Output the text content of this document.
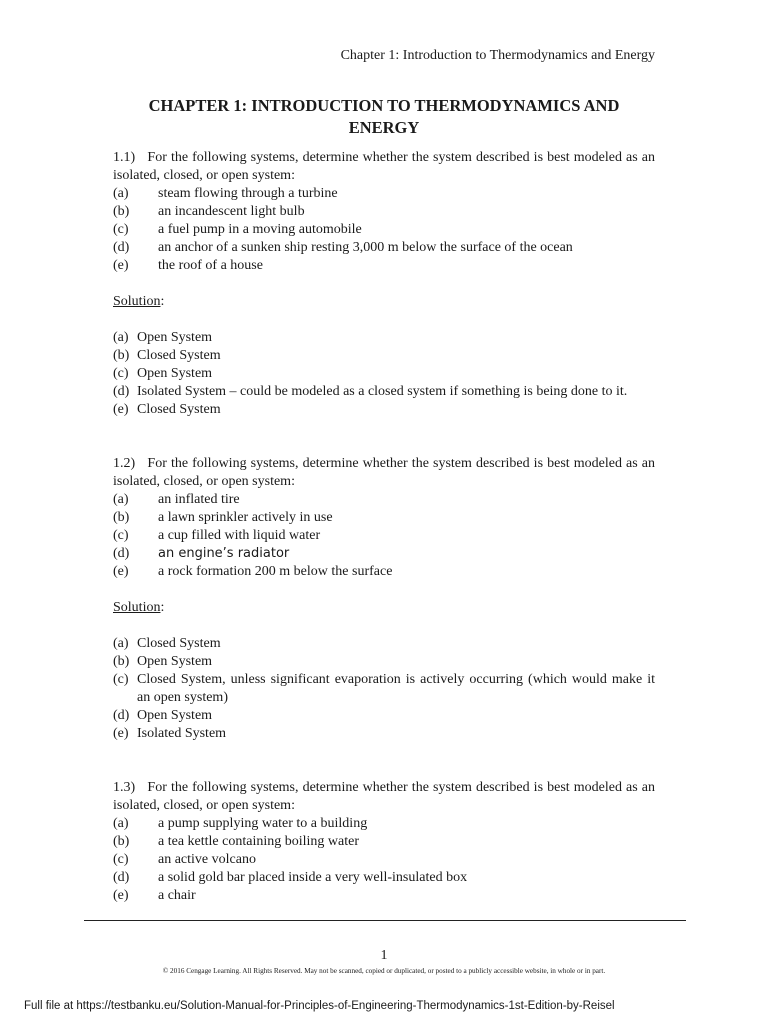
Chapter 1: Introduction to Thermodynamics and Energy
CHAPTER 1: INTRODUCTION TO THERMODYNAMICS AND ENERGY

1.1)   For the following systems, determine whether the system described is best modeled as an isolated, closed, or open system:

(a)	steam flowing through a turbine
(b)	an incandescent light bulb
(c)	a fuel pump in a moving automobile
(d)	an anchor of a sunken ship resting 3,000 m below the surface of the ocean
(e)	the roof of a house
Solution:
(a) Open System
(b) Closed System
(c) Open System
(d) Isolated System – could be modeled as a closed system if something is being done to it.
(e) Closed System

1.2)   For the following systems, determine whether the system described is best modeled as an isolated, closed, or open system:

(a)	an inflated tire
(b)	a lawn sprinkler actively in use
(c)	a cup filled with liquid water
(d)	an engine’s radiator
(e)	a rock formation 200 m below the surface
Solution:
(a) Closed System
(b) Open System
(c) Closed System, unless significant evaporation is actively occurring (which would make it an open system)
(d) Open System
(e) Isolated System

1.3)   For the following systems, determine whether the system described is best modeled as an isolated, closed, or open system:

(a)	a pump supplying water to a building
(b)	a tea kettle containing boiling water
(c)	an active volcano
(d)	a solid gold bar placed inside a very well-insulated box
(e)	a chair
1
© 2016 Cengage Learning. All Rights Reserved. May not be scanned, copied or duplicated, or posted to a publicly accessible website, in whole or in part.
Full file at https://testbanku.eu/Solution-Manual-for-Principles-of-Engineering-Thermodynamics-1st-Edition-by-Reisel
